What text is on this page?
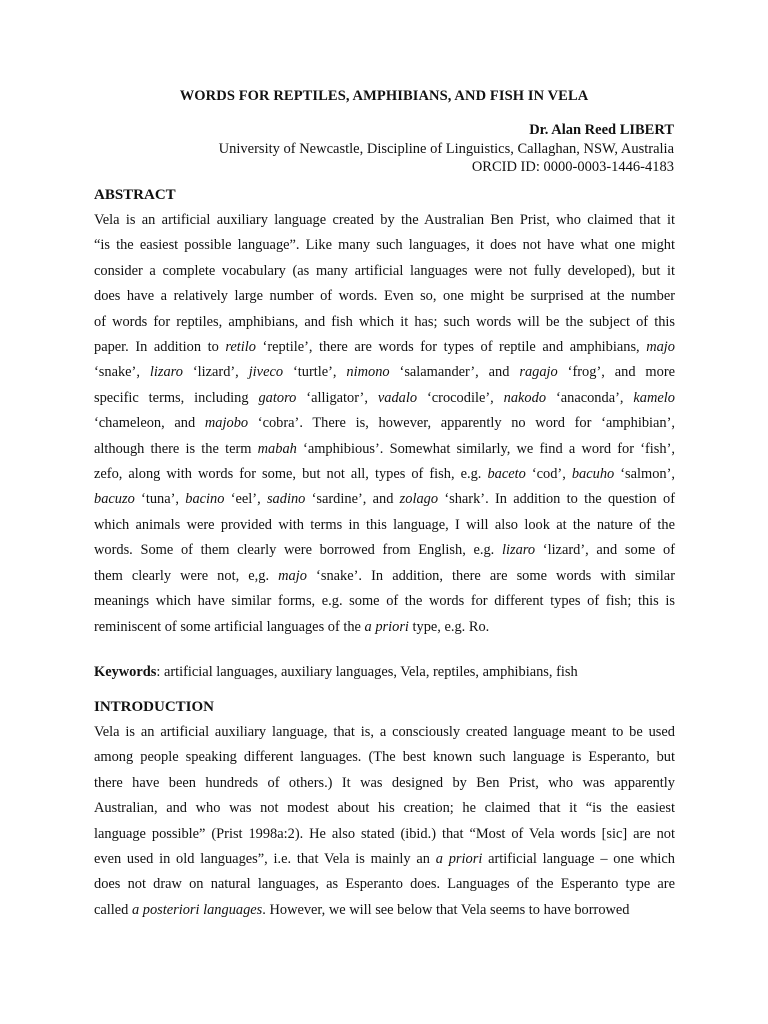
WORDS FOR REPTILES, AMPHIBIANS, AND FISH IN VELA
Dr. Alan Reed LIBERT
University of Newcastle, Discipline of Linguistics, Callaghan, NSW, Australia
ORCID ID: 0000-0003-1446-4183
ABSTRACT
Vela is an artificial auxiliary language created by the Australian Ben Prist, who claimed that it
“is the easiest possible language”. Like many such languages, it does not have what one might
consider a complete vocabulary (as many artificial languages were not fully developed), but it
does have a relatively large number of words. Even so, one might be surprised at the number
of words for reptiles, amphibians, and fish which it has; such words will be the subject of this
paper. In addition to retilo ‘reptile’, there are words for types of reptile and amphibians, majo
‘snake’, lizaro ‘lizard’, jiveco ‘turtle’, nimono ‘salamander’, and ragajo ‘frog’, and more
specific terms, including gatoro ‘alligator’, vadalo ‘crocodile’, nakodo ‘anaconda’, kamelo
‘chameleon, and majobo ‘cobra’. There is, however, apparently no word for ‘amphibian’,
although there is the term mabah ‘amphibious’. Somewhat similarly, we find a word for ‘fish’,
zefo, along with words for some, but not all, types of fish, e.g. baceto ‘cod’, bacuho ‘salmon’,
bacuzo ‘tuna’, bacino ‘eel’, sadino ‘sardine’, and zolago ‘shark’. In addition to the question of
which animals were provided with terms in this language, I will also look at the nature of the
words. Some of them clearly were borrowed from English, e.g. lizaro ‘lizard’, and some of
them clearly were not, e,g. majo ‘snake’. In addition, there are some words with similar
meanings which have similar forms, e.g. some of the words for different types of fish; this is
reminiscent of some artificial languages of the a priori type, e.g. Ro.
Keywords: artificial languages, auxiliary languages, Vela, reptiles, amphibians, fish
INTRODUCTION
Vela is an artificial auxiliary language, that is, a consciously created language meant to be used
among people speaking different languages. (The best known such language is Esperanto, but
there have been hundreds of others.) It was designed by Ben Prist, who was apparently
Australian, and who was not modest about his creation; he claimed that it “is the easiest
language possible” (Prist 1998a:2). He also stated (ibid.) that “Most of Vela words [sic] are not
even used in old languages”, i.e. that Vela is mainly an a priori artificial language – one which
does not draw on natural languages, as Esperanto does. Languages of the Esperanto type are
called a posteriori languages. However, we will see below that Vela seems to have borrowed
